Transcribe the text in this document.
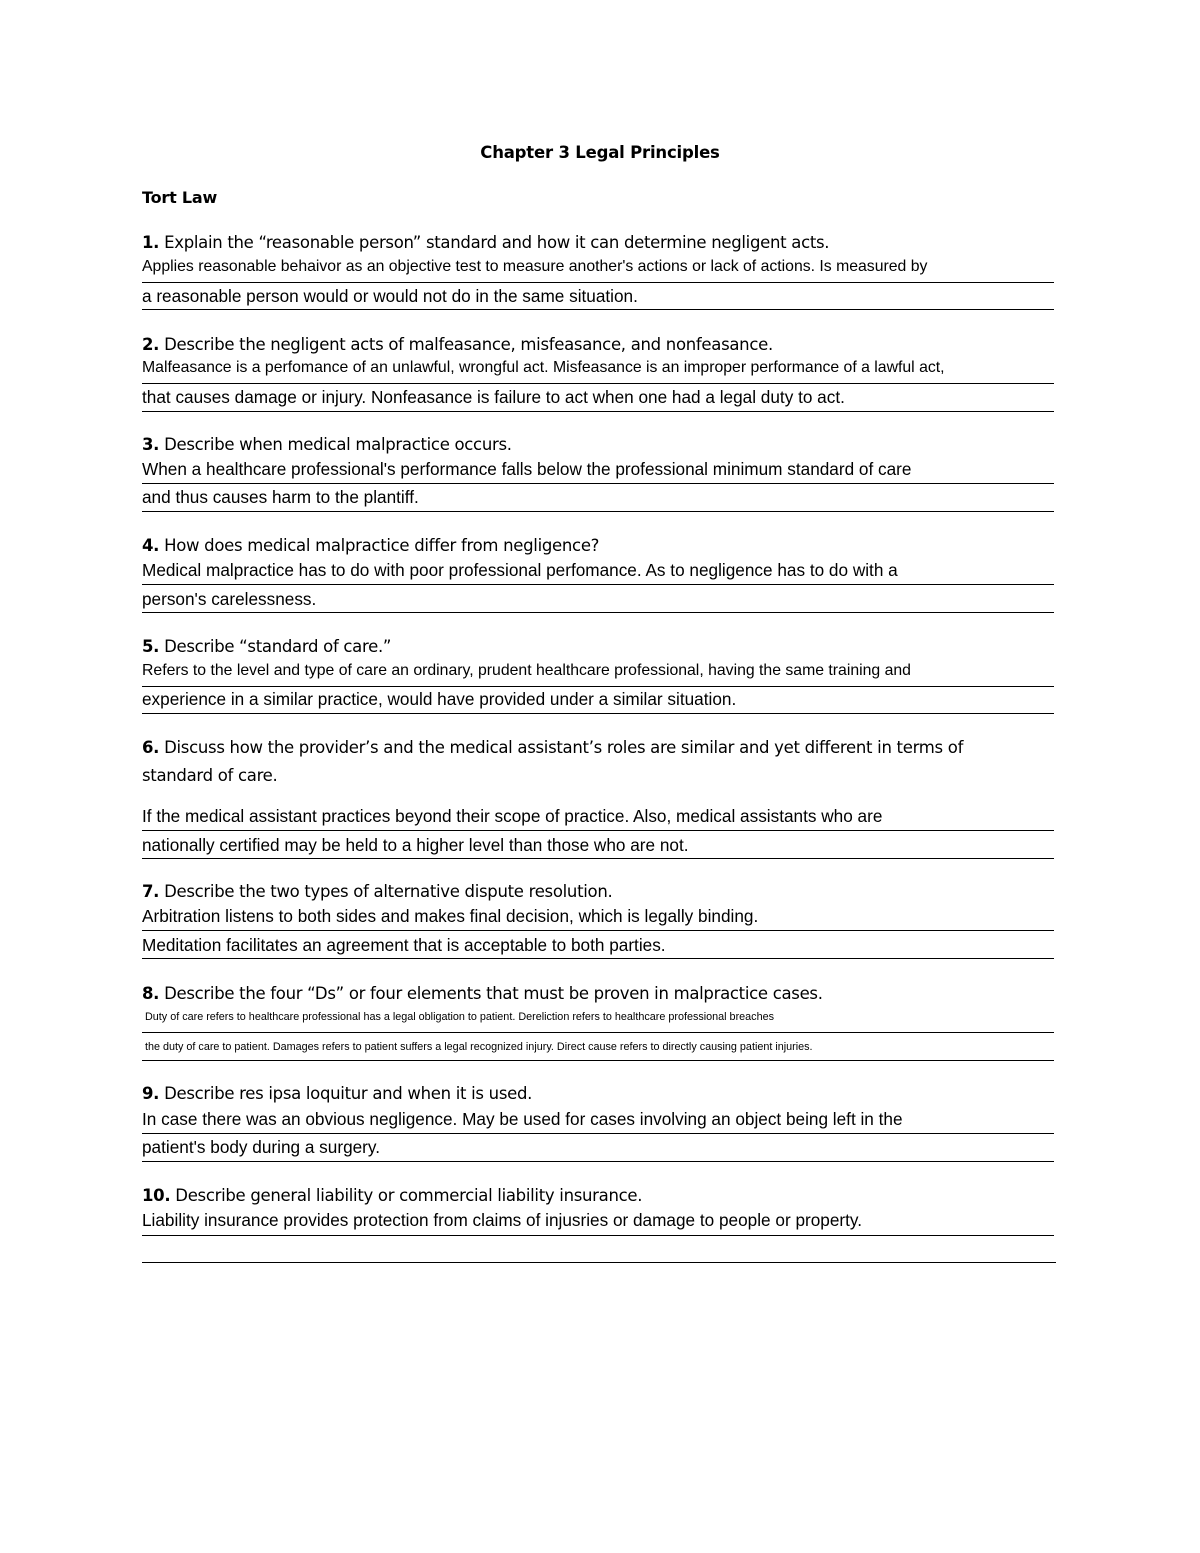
Chapter 3 Legal Principles
Tort Law
1. Explain the “reasonable person” standard and how it can determine negligent acts.
Applies reasonable behaivor as an objective test to measure another's actions or lack of actions. Is measured by
a reasonable person would or would not do in the same situation.
2. Describe the negligent acts of malfeasance, misfeasance, and nonfeasance.
Malfeasance is a perfomance of an unlawful, wrongful act. Misfeasance is an improper performance of a lawful act,
that causes damage or injury. Nonfeasance is failure to act when one had a legal duty to act.
3. Describe when medical malpractice occurs.
When a healthcare professional's performance falls below the professional minimum standard of care
and thus causes harm to the plantiff.
4. How does medical malpractice differ from negligence?
Medical malpractice has to do with poor professional perfomance. As to negligence has to do with a
person's carelessness.
5. Describe “standard of care.”
Refers to the level and type of care an ordinary, prudent healthcare professional, having the same training and
experience in a similar practice, would have provided under a similar situation.
6. Discuss how the provider’s and the medical assistant’s roles are similar and yet different in terms of
standard of care.
If the medical assistant practices beyond their scope of practice. Also, medical assistants who are
nationally certified may be held to a higher level than those who are not.
7. Describe the two types of alternative dispute resolution.
Arbitration listens to both sides and makes final decision, which is legally binding.
Meditation facilitates an agreement that is acceptable to both parties.
8. Describe the four “Ds” or four elements that must be proven in malpractice cases.
Duty of care refers to healthcare professional has a legal obligation to patient. Dereliction refers to healthcare professional breaches
the duty of care to patient. Damages refers to patient suffers a legal recognized injury. Direct cause refers to directly causing patient injuries.
9. Describe res ipsa loquitur and when it is used.
In case there was an obvious negligence. May be used for cases involving an object being left in the
patient's body during a surgery.
10. Describe general liability or commercial liability insurance.
Liability insurance provides protection from claims of injusries or damage to people or property.
